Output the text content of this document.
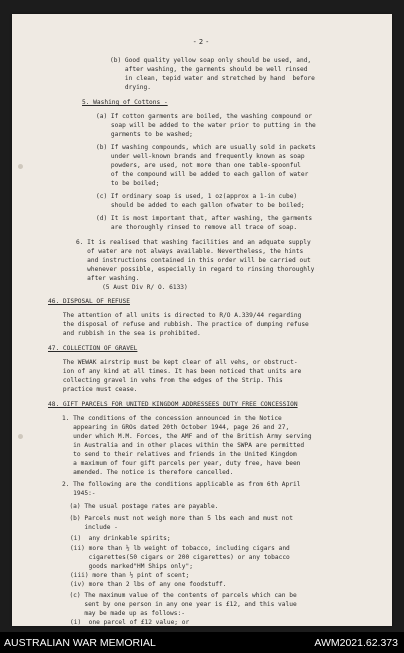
-2-
(b) Good quality yellow soap only should be used, and,
after washing, the garments should be well rinsed
in clean, tepid water and stretched by hand  before
drying.
5. Washing of Cottons -
(a) If cotton garments are boiled, the washing compound or
soap will be added to the water prior to putting in the
garments to be washed;
(b) If washing compounds, which are usually sold in packets
under well-known brands and frequently known as soap
powders, are used, not more than one table-spoonful
of the compound will be added to each gallon of water
to be boiled;
(c) If ordinary soap is used, 1 oz(approx a 1-in cube)
should be added to each gallon ofwater to be boiled;
(d) It is most important that, after washing, the garments
are thoroughly rinsed to remove all trace of soap.
6. It is realised that washing facilities and an adquate supply
of water are not always available. Nevertheless, the hints
and instructions contained in this order will be carried out
whenever possible, especially in regard to rinsing thoroughly
after washing.
(5 Aust Div R/ O. 6133)
46. DISPOSAL OF REFUSE
The attention of all units is directed to R/O A.339/44 regarding
the disposal of refuse and rubbish. The practice of dumping refuse
and rubbish in the sea is prohibited.
47. COLLECTION OF GRAVEL
The WEWAK airstrip must be kept clear of all vehs, or obstruct-
ion of any kind at all times. It has been noticed that units are
collecting gravel in vehs from the edges of the Strip. This
practice must cease.
48. GIFT PARCELS FOR UNITED KINGDOM ADDRESSEES DUTY FREE CONCESSION
1. The conditions of the concession announced in the Notice
appearing in GROs dated 20th October 1944, page 26 and 27,
under which M.M. Forces, the AMF and of the British Army serving
in Australia and in other places within the SWPA are permitted
to send to their relatives and friends in the United Kingdom
a maximum of four gift parcels per year, duty free, have been
amended. The notice is therefore cancelled.
2. The following are the conditions applicable as from 6th April
1945:-
(a) The usual postage rates are payable.
(b) Parcels must not weigh more than 5 lbs each and must not
include -
(i)  any drinkable spirits;
(ii) more than ½ lb weight of tobacco, including cigars and
cigarettes(50 cigars or 200 cigarettes) or any tobacco
goods marked"HM Ships only";
(iii) more than ½ pint of scent;
(iv) more than 2 lbs of any one foodstuff.
(c) The maximum value of the contents of parcels which can be
sent by one person in any one year is £12, and this value
may be made up as follows:-
(i)  one parcel of £12 value; or
AUSTRALIAN WAR MEMORIAL	AWM2021.62.373
